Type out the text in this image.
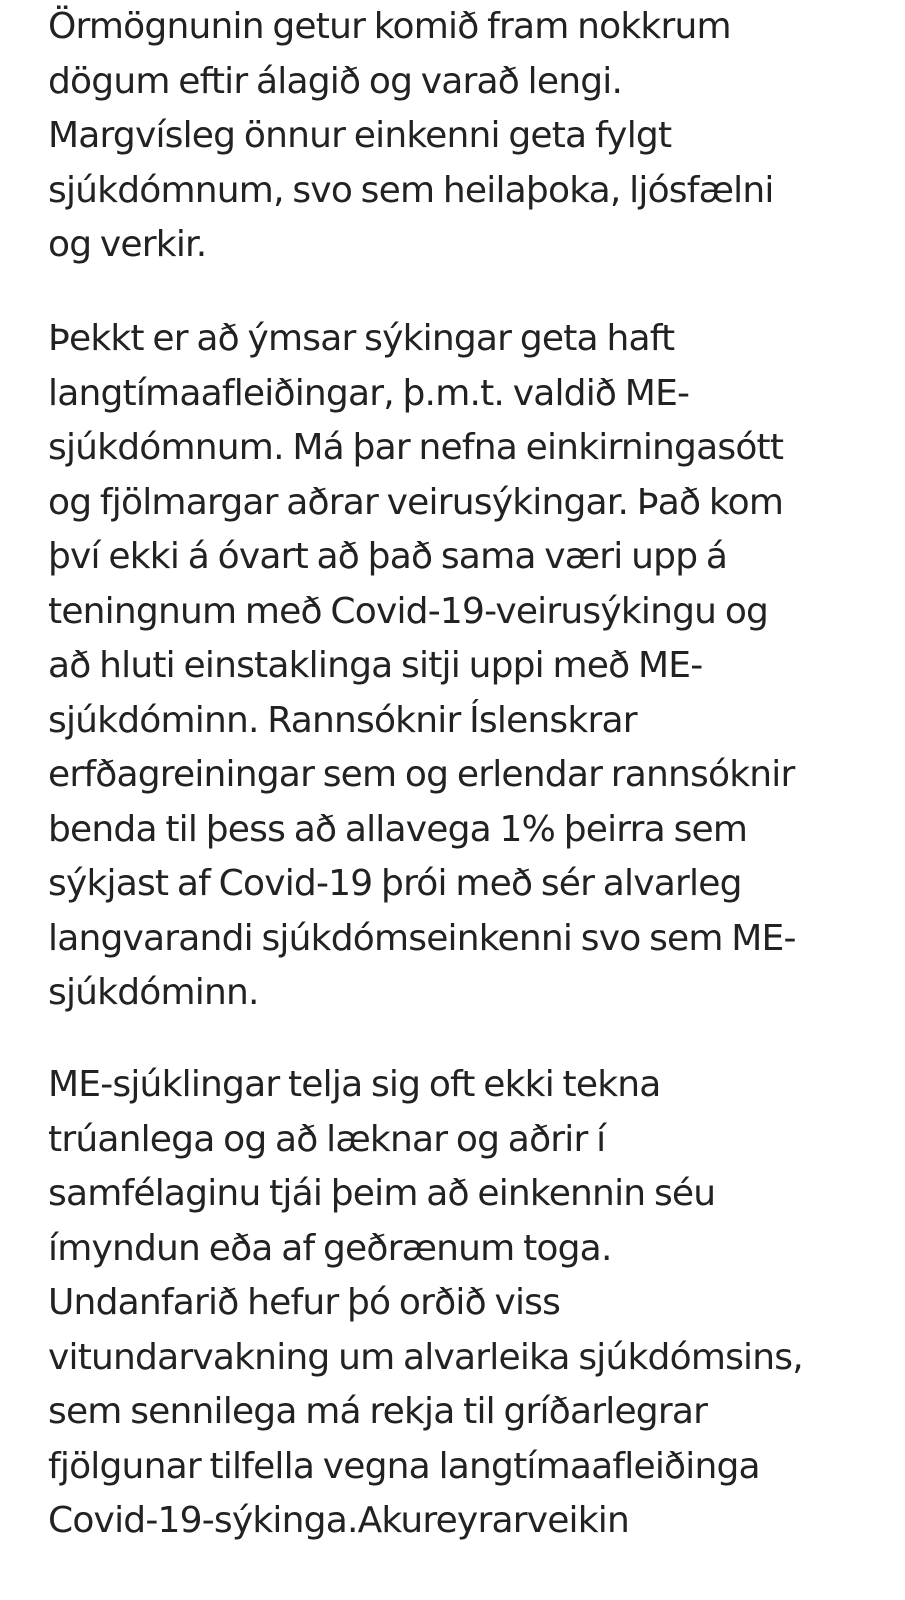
Örmögnunin getur komið fram nokkrum
dögum eftir álagið og varað lengi.
Margvísleg önnur einkenni geta fylgt
sjúkdómnum, svo sem heilaþoka, ljósfælni
og verkir.

Þekkt er að ýmsar sýkingar geta haft
langtímaafleiðingar, þ.m.t. valdið ME-
sjúkdómnum. Má þar nefna einkirningasótt
og fjölmargar aðrar veirusýkingar. Það kom
því ekki á óvart að það sama væri upp á
teningnum með Covid-19-veirusýkingu og
að hluti einstaklinga sitji uppi með ME-
sjúkdóminn. Rannsóknir Íslenskrar
erfðagreiningar sem og erlendar rannsóknir
benda til þess að allavega 1% þeirra sem
sýkjast af Covid-19 þrói með sér alvarleg
langvarandi sjúkdómseinkenni svo sem ME-
sjúkdóminn.

ME-sjúklingar telja sig oft ekki tekna
trúanlega og að læknar og aðrir í
samfélaginu tjái þeim að einkennin séu
ímyndun eða af geðrænum toga.
Undanfarið hefur þó orðið viss
vitundarvakning um alvarleika sjúkdómsins,
sem sennilega má rekja til gríðarlegrar
fjölgunar tilfella vegna langtímaafleiðinga
Covid-19-sýkinga.Akureyrarveikin
